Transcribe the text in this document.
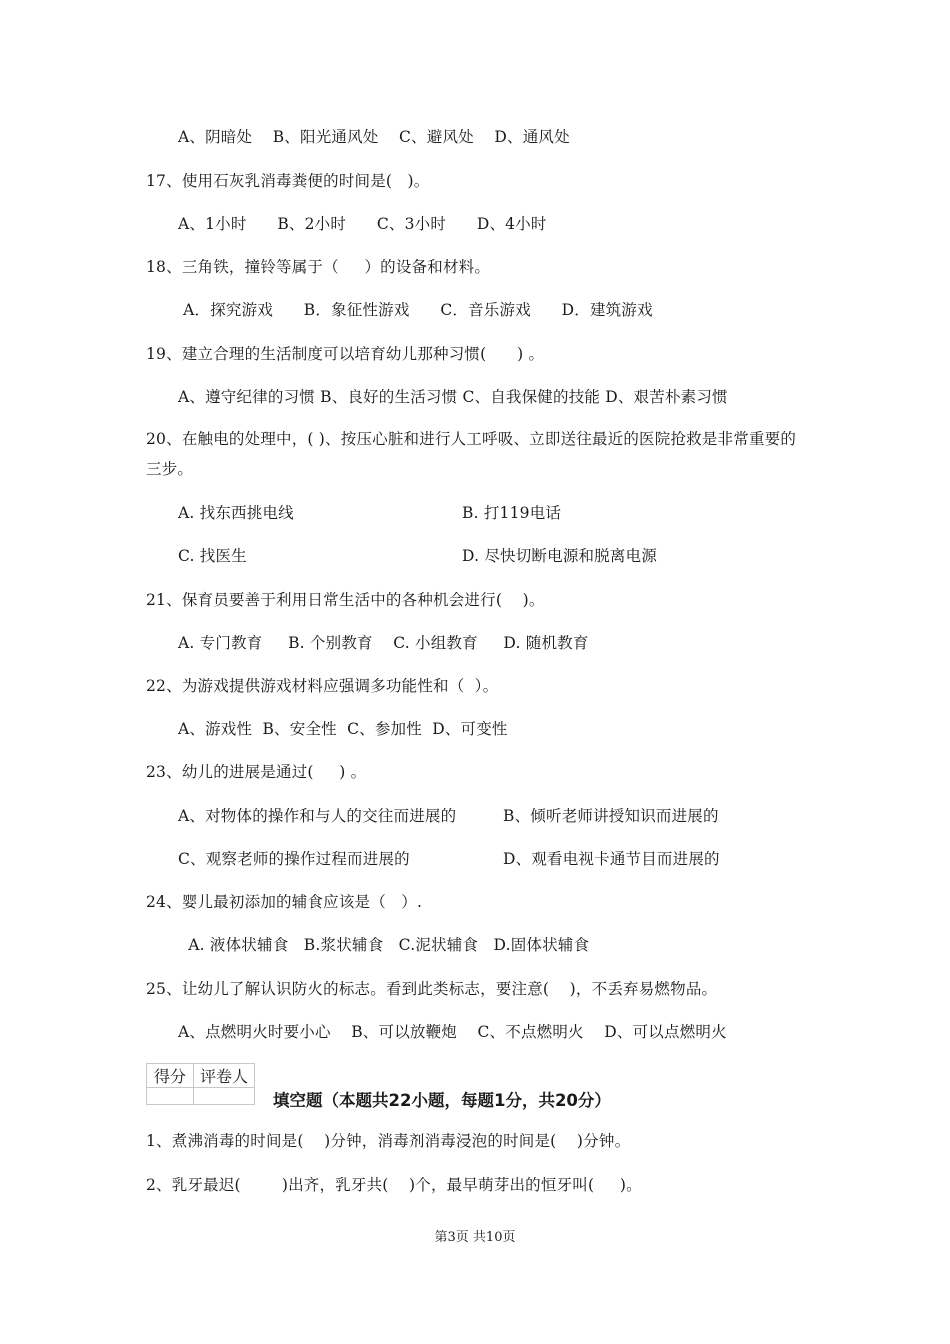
A、阴暗处    B、阳光通风处    C、避风处    D、通风处
17、使用石灰乳消毒粪便的时间是(   )。
A、1小时      B、2小时      C、3小时      D、4小时
18、三角铁，撞铃等属于（     ）的设备和材料。
A．探究游戏      B．象征性游戏      C．音乐游戏      D．建筑游戏
19、建立合理的生活制度可以培育幼儿那种习惯(      ) 。
A、遵守纪律的习惯 B、良好的生活习惯 C、自我保健的技能 D、艰苦朴素习惯
20、在触电的处理中，( )、按压心脏和进行人工呼吸、立即送往最近的医院抢救是非常重要的三步。
A. 找东西挑电线	B. 打119电话
C. 找医生	D. 尽快切断电源和脱离电源
21、保育员要善于利用日常生活中的各种机会进行(    )。
A. 专门教育     B. 个别教育    C. 小组教育     D. 随机教育
22、为游戏提供游戏材料应强调多功能性和（  ）。
A、游戏性  B、安全性  C、参加性  D、可变性
23、幼儿的进展是通过(     ) 。
A、对物体的操作和与人的交往而进展的	B、倾听老师讲授知识而进展的
C、观察老师的操作过程而进展的	D、观看电视卡通节目而进展的
24、婴儿最初添加的辅食应该是（   ）.
A. 液体状辅食   B.浆状辅食   C.泥状辅食   D.固体状辅食
25、让幼儿了解认识防火的标志。看到此类标志，要注意(    )，不丢弃易燃物品。
A、点燃明火时要小心    B、可以放鞭炮    C、不点燃明火    D、可以点燃明火
得分	评卷人

填空题（本题共22小题，每题1分，共20分）
1、煮沸消毒的时间是(    )分钟，消毒剂消毒浸泡的时间是(    )分钟。
2、乳牙最迟(        )出齐，乳牙共(    )个，最早萌芽出的恒牙叫(     )。
第3页 共10页
